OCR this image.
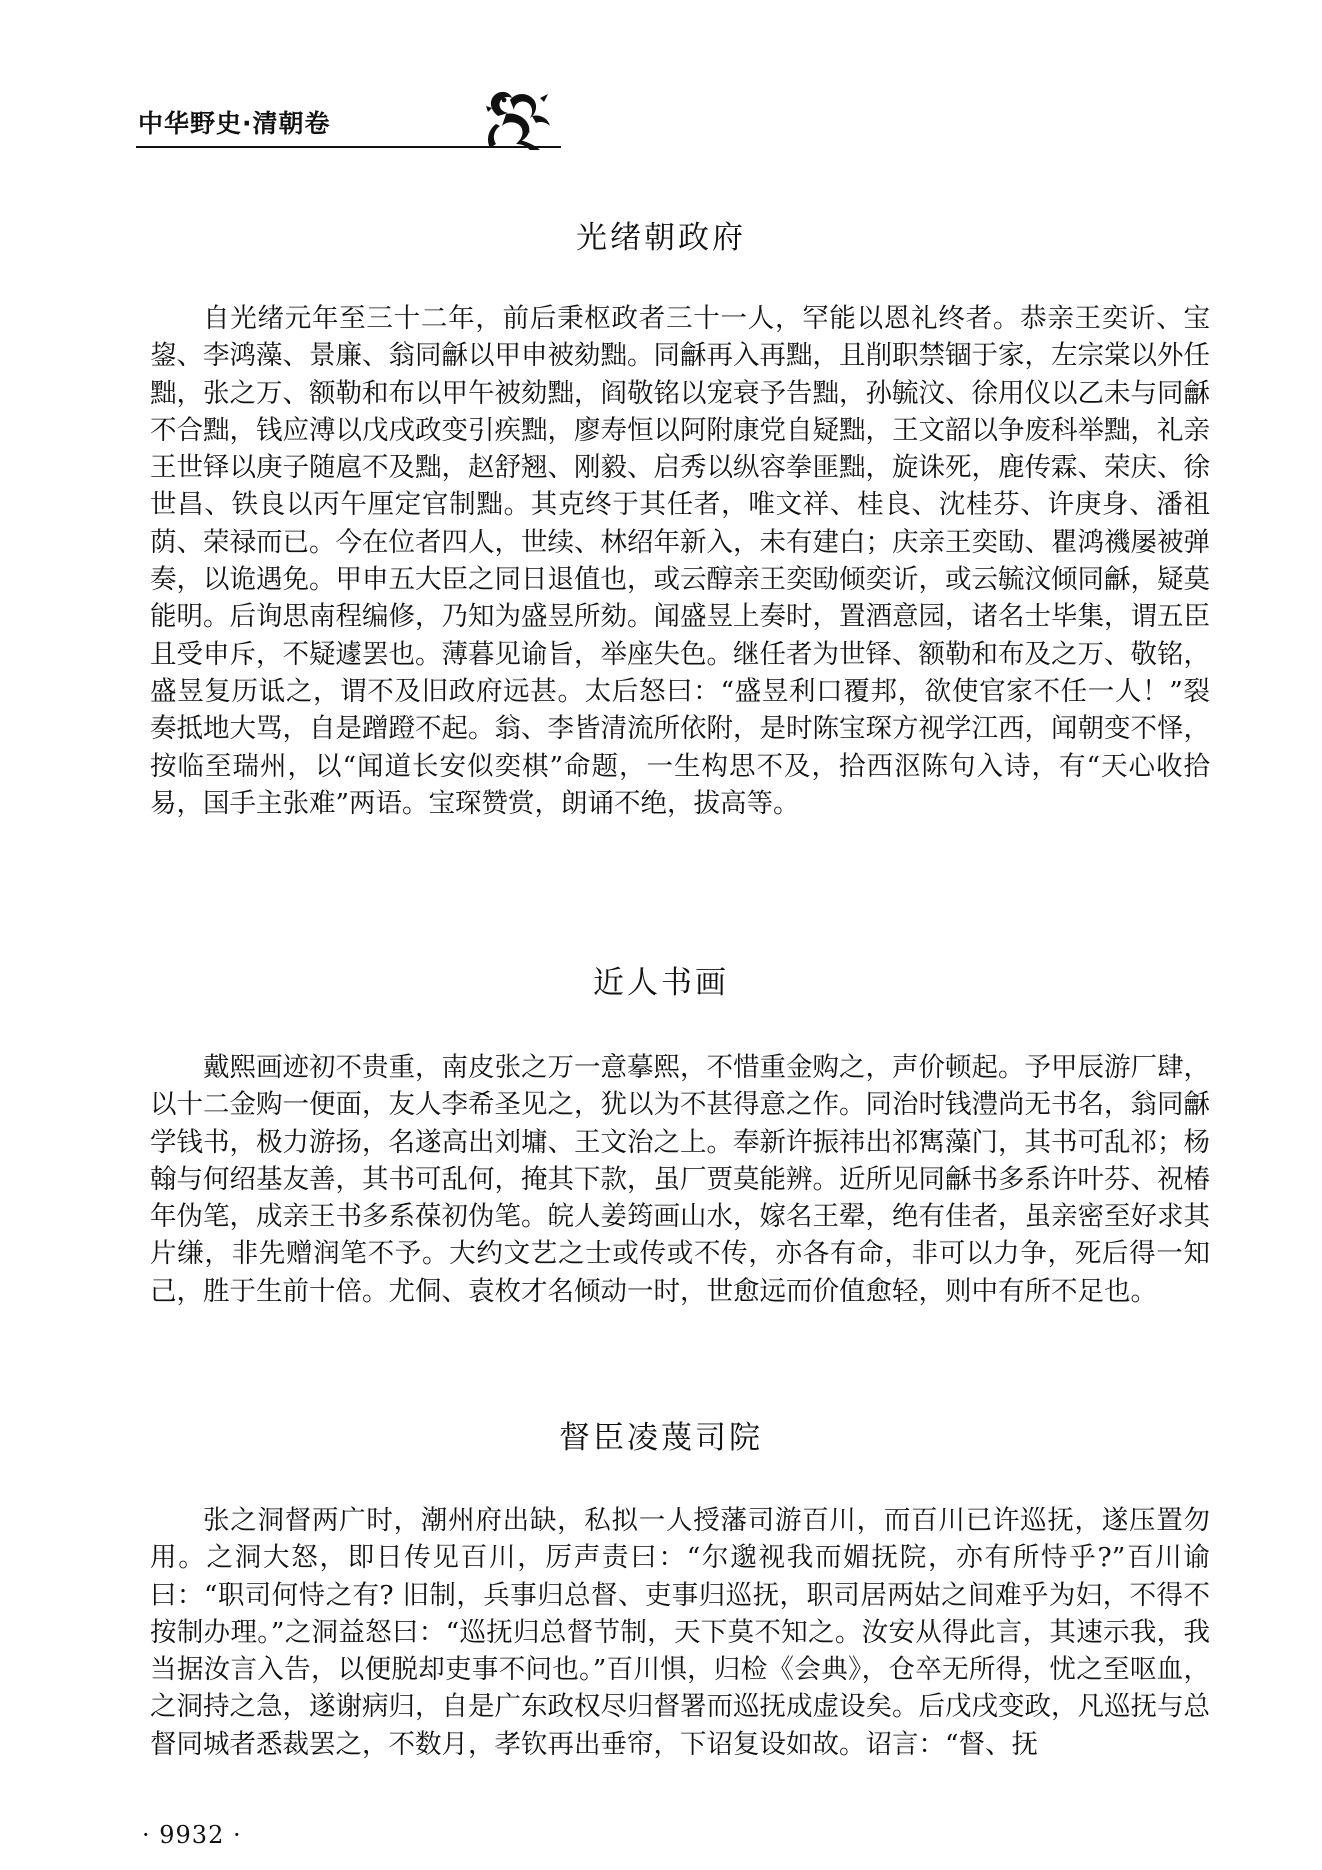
中华野史·清朝卷
光绪朝政府

自光绪元年至三十二年，前后秉枢政者三十一人，罕能以恩礼终者。恭亲王奕䜣、宝鋆、李鸿藻、景廉、翁同龢以甲申被劾黜。同龢再入再黜，且削职禁锢于家，左宗棠以外任黜，张之万、额勒和布以甲午被劾黜，阎敬铭以宠衰予告黜，孙毓汶、徐用仪以乙未与同龢不合黜，钱应溥以戊戌政变引疾黜，廖寿恒以阿附康党自疑黜，王文韶以争废科举黜，礼亲王世铎以庚子随扈不及黜，赵舒翘、刚毅、启秀以纵容拳匪黜，旋诛死，鹿传霖、荣庆、徐世昌、铁良以丙午厘定官制黜。其克终于其任者，唯文祥、桂良、沈桂芬、许庚身、潘祖荫、荣禄而已。今在位者四人，世续、林绍年新入，未有建白；庆亲王奕劻、瞿鸿禨屡被弹奏，以诡遇免。甲申五大臣之同日退值也，或云醇亲王奕劻倾奕䜣，或云毓汶倾同龢，疑莫能明。后询思南程编修，乃知为盛昱所劾。闻盛昱上奏时，置酒意园，诸名士毕集，谓五臣且受申斥，不疑遽罢也。薄暮见谕旨，举座失色。继任者为世铎、额勒和布及之万、敬铭，盛昱复历诋之，谓不及旧政府远甚。太后怒曰：“盛昱利口覆邦，欲使官家不任一人！”裂奏抵地大骂，自是蹭蹬不起。翁、李皆清流所依附，是时陈宝琛方视学江西，闻朝变不怿，按临至瑞州，以“闻道长安似奕棋”命题，一生构思不及，拾西沤陈句入诗，有“天心收拾易，国手主张难”两语。宝琛赞赏，朗诵不绝，拔高等。

近人书画

戴熙画迹初不贵重，南皮张之万一意摹熙，不惜重金购之，声价顿起。予甲辰游厂肆，以十二金购一便面，友人李希圣见之，犹以为不甚得意之作。同治时钱澧尚无书名，翁同龢学钱书，极力游扬，名遂高出刘墉、王文治之上。奉新许振祎出祁寯藻门，其书可乱祁；杨翰与何绍基友善，其书可乱何，掩其下款，虽厂贾莫能辨。近所见同龢书多系许叶芬、祝椿年伪笔，成亲王书多系葆初伪笔。皖人姜筠画山水，嫁名王翚，绝有佳者，虽亲密至好求其片缣，非先赠润笔不予。大约文艺之士或传或不传，亦各有命，非可以力争，死后得一知己，胜于生前十倍。尤侗、袁枚才名倾动一时，世愈远而价值愈轻，则中有所不足也。

督臣凌蔑司院

张之洞督两广时，潮州府出缺，私拟一人授藩司游百川，而百川已许巡抚，遂压置勿用。之洞大怒，即日传见百川，厉声责曰：“尔邈视我而媚抚院，亦有所恃乎?”百川谕曰：“职司何恃之有? 旧制，兵事归总督、吏事归巡抚，职司居两姑之间难乎为妇，不得不按制办理。”之洞益怒曰：“巡抚归总督节制，天下莫不知之。汝安从得此言，其速示我，我当据汝言入告，以便脱却吏事不问也。”百川惧，归检《会典》，仓卒无所得，忧之至呕血，之洞持之急，遂谢病归，自是广东政权尽归督署而巡抚成虚设矣。后戊戌变政，凡巡抚与总督同城者悉裁罢之，不数月，孝钦再出垂帘，下诏复设如故。诏言：“督、抚

· 9932 ·
